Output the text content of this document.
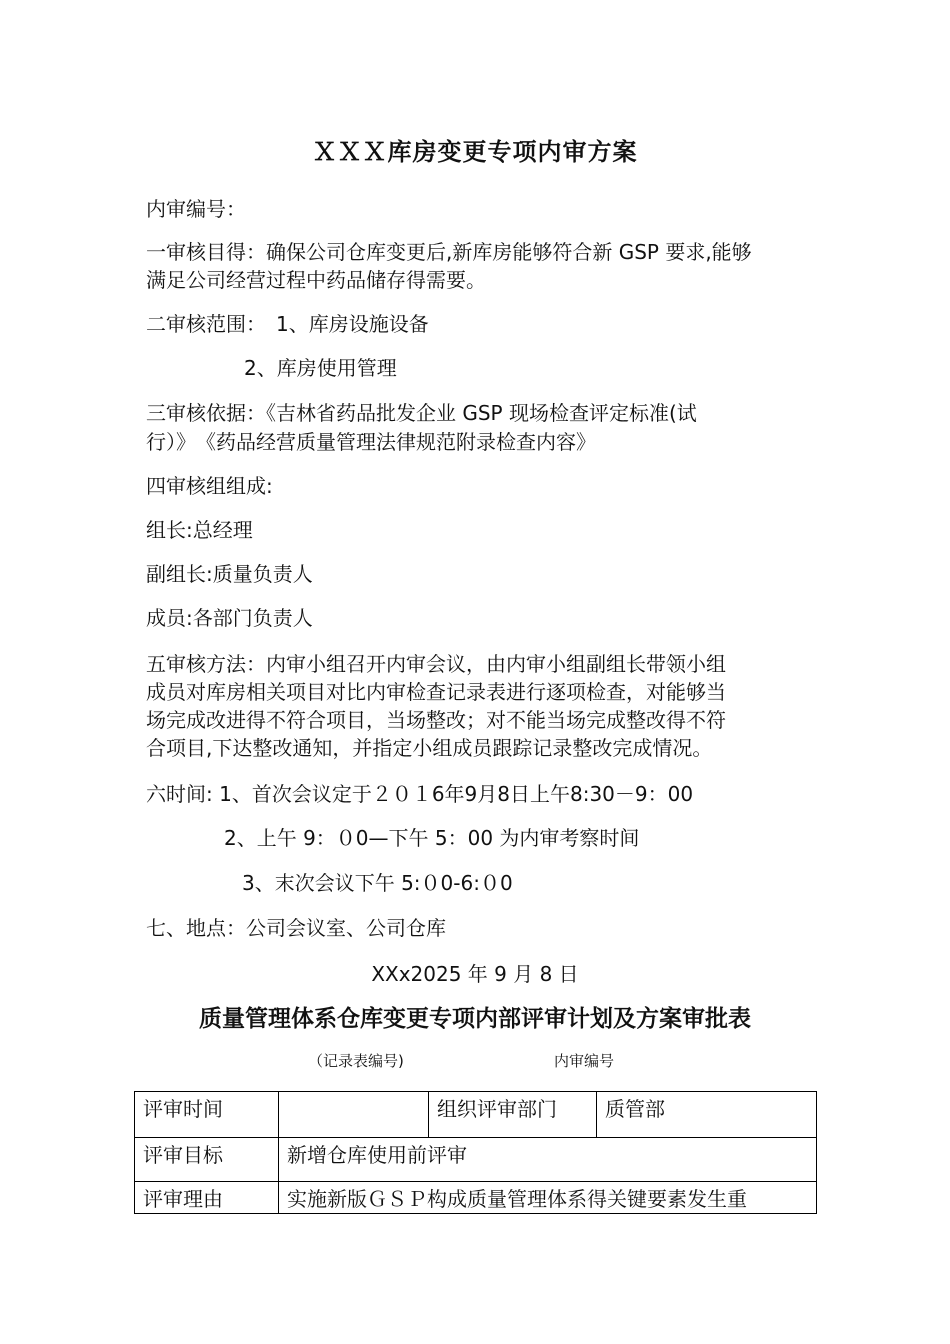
ＸＸＸ库房变更专项内审方案
内审编号：
一审核目得：确保公司仓库变更后,新库房能够符合新 GSP 要求,能够
满足公司经营过程中药品储存得需要。
二审核范围：　1、库房设施设备
2、库房使用管理
三审核依据：《吉林省药品批发企业 GSP 现场检查评定标准(试
行）》　《药品经营质量管理法律规范附录检查内容》
四审核组组成:
组长:总经理
副组长:质量负责人
成员:各部门负责人
五审核方法：内审小组召开内审会议，由内审小组副组长带领小组
成员对库房相关项目对比内审检查记录表进行逐项检查，对能够当
场完成改进得不符合项目，当场整改；对不能当场完成整改得不符
合项目,下达整改通知，并指定小组成员跟踪记录整改完成情况。
六时间: 1、首次会议定于２０１6年9月8日上午8:30－9：00
2、上午 9：０0—下午 5：00 为内审考察时间
3、末次会议下午 5:０0-6:０0
七、地点：公司会议室、公司仓库
XXx2025 年 9 月 8 日
质量管理体系仓库变更专项内部评审计划及方案审批表
（记录表编号)	内审编号
评审时间		组织评审部门	质管部
评审目标	新增仓库使用前评审		
评审理由	实施新版ＧＳＰ构成质量管理体系得关键要素发生重		
